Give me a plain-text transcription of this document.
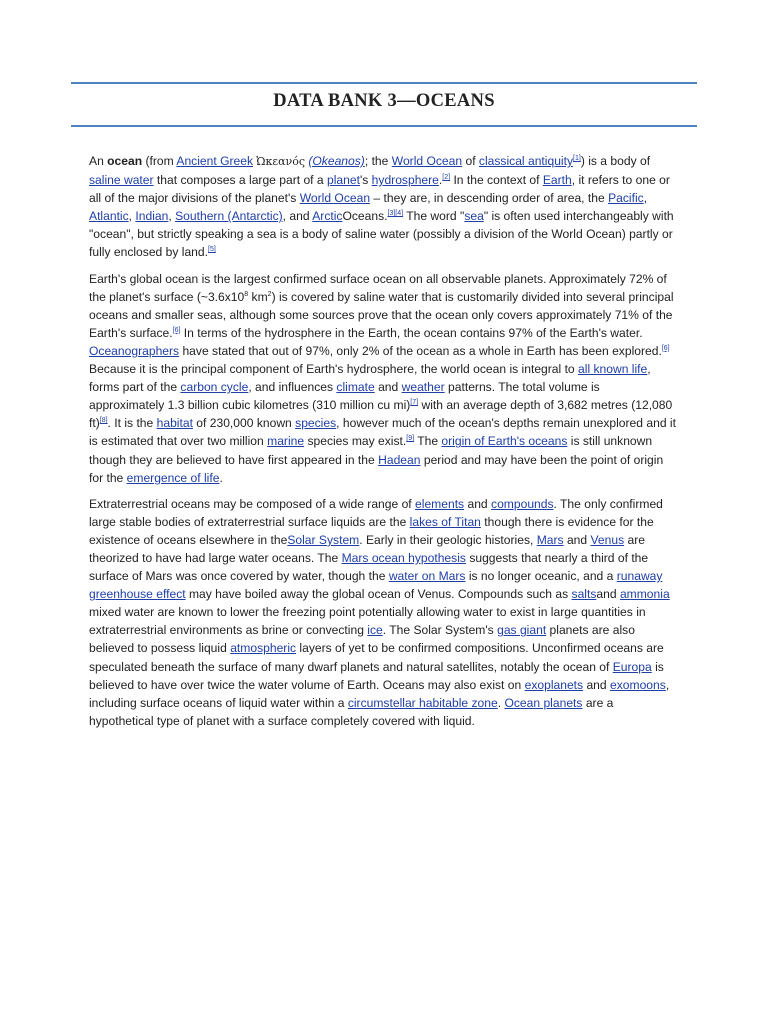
DATA BANK 3—OCEANS

An ocean (from Ancient Greek Ὠκεανός (Okeanos); the World Ocean of classical antiquity[1]) is a body of saline water that composes a large part of a planet's hydrosphere.[2] In the context of Earth, it refers to one or all of the major divisions of the planet's World Ocean – they are, in descending order of area, the Pacific, Atlantic, Indian, Southern (Antarctic), and ArcticOceans.[3][4] The word "sea" is often used interchangeably with "ocean", but strictly speaking a sea is a body of saline water (possibly a division of the World Ocean) partly or fully enclosed by land.[5]

Earth's global ocean is the largest confirmed surface ocean on all observable planets. Approximately 72% of the planet's surface ($\sim 3.6x10^8$ $km^2$) is covered by saline water that is customarily divided into several principal oceans and smaller seas, although some sources prove that the ocean only covers approximately 71% of the Earth's surface.[6] In terms of the hydrosphere in the Earth, the ocean contains 97% of the Earth's water. Oceanographers have stated that out of 97%, only 2% of the ocean as a whole in Earth has been explored.[6] Because it is the principal component of Earth's hydrosphere, the world ocean is integral to all known life, forms part of the carbon cycle, and influences climate and weather patterns. The total volume is approximately 1.3 billion cubic kilometres (310 million cu mi)[7] with an average depth of 3,682 metres (12,080 ft)[8]. It is the habitat of 230,000 known species, however much of the ocean's depths remain unexplored and it is estimated that over two million marine species may exist.[9] The origin of Earth's oceans is still unknown though they are believed to have first appeared in the Hadean period and may have been the point of origin for the emergence of life.

Extraterrestrial oceans may be composed of a wide range of elements and compounds. The only confirmed large stable bodies of extraterrestrial surface liquids are the lakes of Titan though there is evidence for the existence of oceans elsewhere in theSolar System. Early in their geologic histories, Mars and Venus are theorized to have had large water oceans. The Mars ocean hypothesis suggests that nearly a third of the surface of Mars was once covered by water, though the water on Mars is no longer oceanic, and a runaway greenhouse effect may have boiled away the global ocean of Venus. Compounds such as saltsand ammonia mixed water are known to lower the freezing point potentially allowing water to exist in large quantities in extraterrestrial environments as brine or convecting ice. The Solar System's gas giant planets are also believed to possess liquid atmospheric layers of yet to be confirmed compositions. Unconfirmed oceans are speculated beneath the surface of many dwarf planets and natural satellites, notably the ocean of Europa is believed to have over twice the water volume of Earth. Oceans may also exist on exoplanets and exomoons, including surface oceans of liquid water within a circumstellar habitable zone. Ocean planets are a hypothetical type of planet with a surface completely covered with liquid.
